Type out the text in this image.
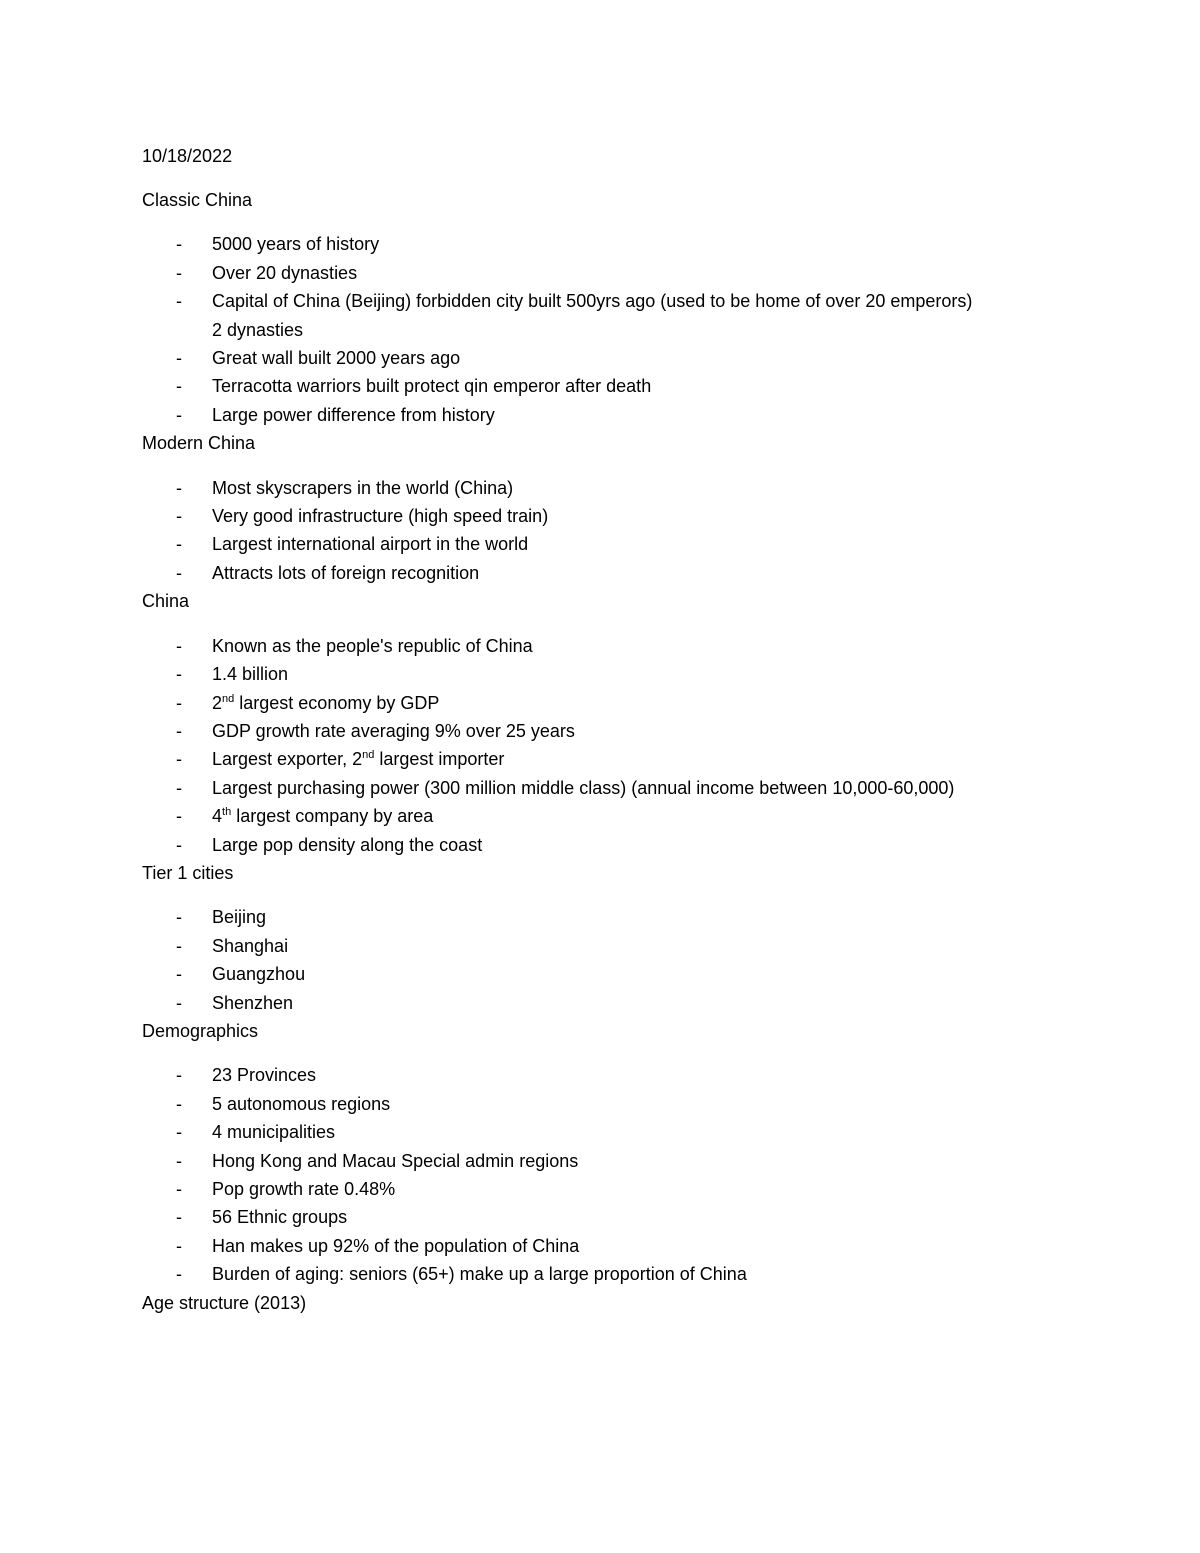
10/18/2022

Classic China

- 5000 years of history
- Over 20 dynasties
- Capital of China (Beijing) forbidden city built 500yrs ago (used to be home of over 20 emperors)
2 dynasties
- Great wall built 2000 years ago
- Terracotta warriors built protect qin emperor after death
- Large power difference from history

Modern China

- Most skyscrapers in the world (China)
- Very good infrastructure (high speed train)
- Largest international airport in the world
- Attracts lots of foreign recognition

China

- Known as the people's republic of China
- 1.4 billion
- 2nd largest economy by GDP
- GDP growth rate averaging 9% over 25 years
- Largest exporter, 2nd largest importer
- Largest purchasing power (300 million middle class) (annual income between 10,000-60,000)
- 4th largest company by area
- Large pop density along the coast

Tier 1 cities

- Beijing
- Shanghai
- Guangzhou
- Shenzhen

Demographics

- 23 Provinces
- 5 autonomous regions
- 4 municipalities
- Hong Kong and Macau Special admin regions
- Pop growth rate 0.48%
- 56 Ethnic groups
- Han makes up 92% of the population of China
- Burden of aging: seniors (65+) make up a large proportion of China

Age structure (2013)
